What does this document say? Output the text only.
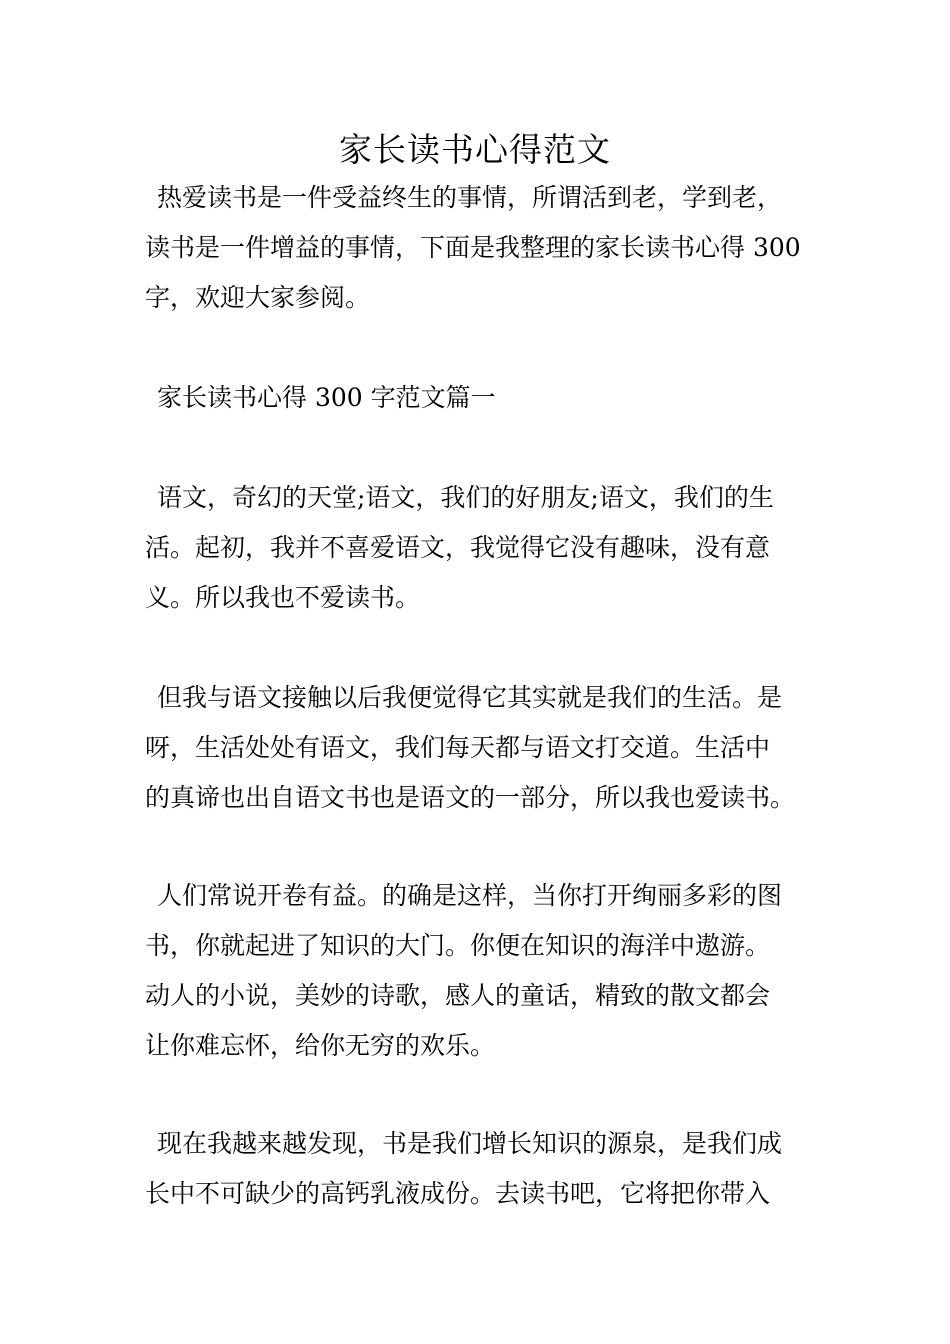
家长读书心得范文
热爱读书是一件受益终生的事情，所谓活到老，学到老，
读书是一件增益的事情，下面是我整理的家长读书心得 300
字，欢迎大家参阅。
家长读书心得 300 字范文篇一
语文，奇幻的天堂;语文，我们的好朋友;语文，我们的生
活。起初，我并不喜爱语文，我觉得它没有趣味，没有意
义。所以我也不爱读书。
但我与语文接触以后我便觉得它其实就是我们的生活。是
呀，生活处处有语文，我们每天都与语文打交道。生活中
的真谛也出自语文书也是语文的一部分，所以我也爱读书。
人们常说开卷有益。的确是这样，当你打开绚丽多彩的图
书，你就起进了知识的大门。你便在知识的海洋中遨游。
动人的小说，美妙的诗歌，感人的童话，精致的散文都会
让你难忘怀，给你无穷的欢乐。
现在我越来越发现，书是我们增长知识的源泉，是我们成
长中不可缺少的高钙乳液成份。去读书吧，它将把你带入
